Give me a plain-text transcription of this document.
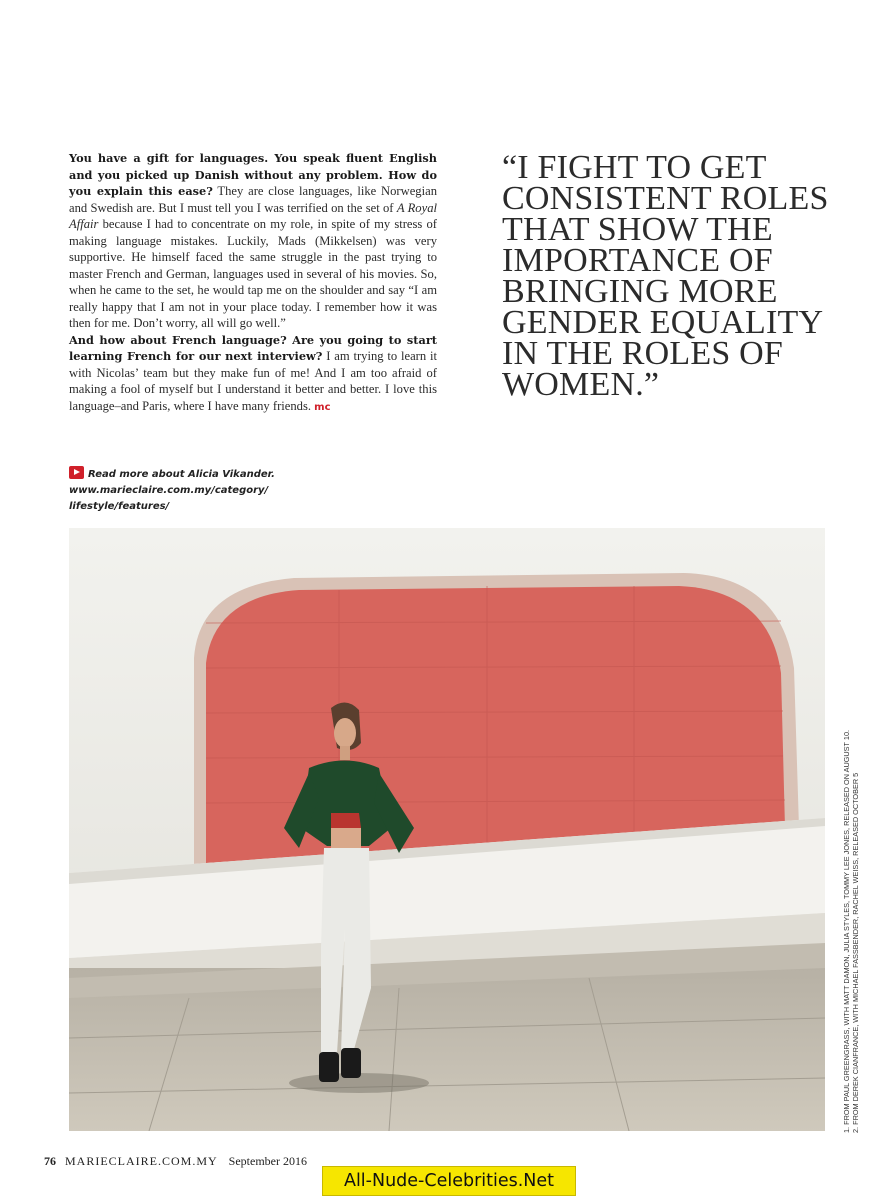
You have a gift for languages. You speak fluent English and you picked up Danish without any problem. How do you explain this ease? They are close languages, like Norwegian and Swedish are. But I must tell you I was terrified on the set of A Royal Affair because I had to concentrate on my role, in spite of my stress of making language mistakes. Luckily, Mads (Mikkelsen) was very supportive. He himself faced the same struggle in the past trying to master French and German, languages used in several of his movies. So, when he came to the set, he would tap me on the shoulder and say “I am really happy that I am not in your place today. I remember how it was then for me. Don’t worry, all will go well.”

And how about French language? Are you going to start learning French for our next interview? I am trying to learn it with Nicolas’ team but they make fun of me! And I am too afraid of making a fool of myself but I understand it better and better. I love this language–and Paris, where I have many friends. mc

Read more about Alicia Vikander. www.marieclaire.com.my/category/
lifestyle/features/
“I FIGHT TO GET
CONSISTENT ROLES
THAT SHOW THE
IMPORTANCE OF
BRINGING MORE
GENDER EQUALITY
IN THE ROLES OF
WOMEN.”
1. FROM PAUL GREENGRASS, WITH MATT DAMON, JULIA STYLES, TOMMY LEE JONES, RELEASED ON AUGUST 10. 2. FROM DEREK CIANFRANCE, WITH MICHAEL FASSBENDER, RACHEL WEISS, RELEASED OCTOBER 5
76 MARIECLAIRE.COM.MY September 2016
All-Nude-Celebrities.Net
